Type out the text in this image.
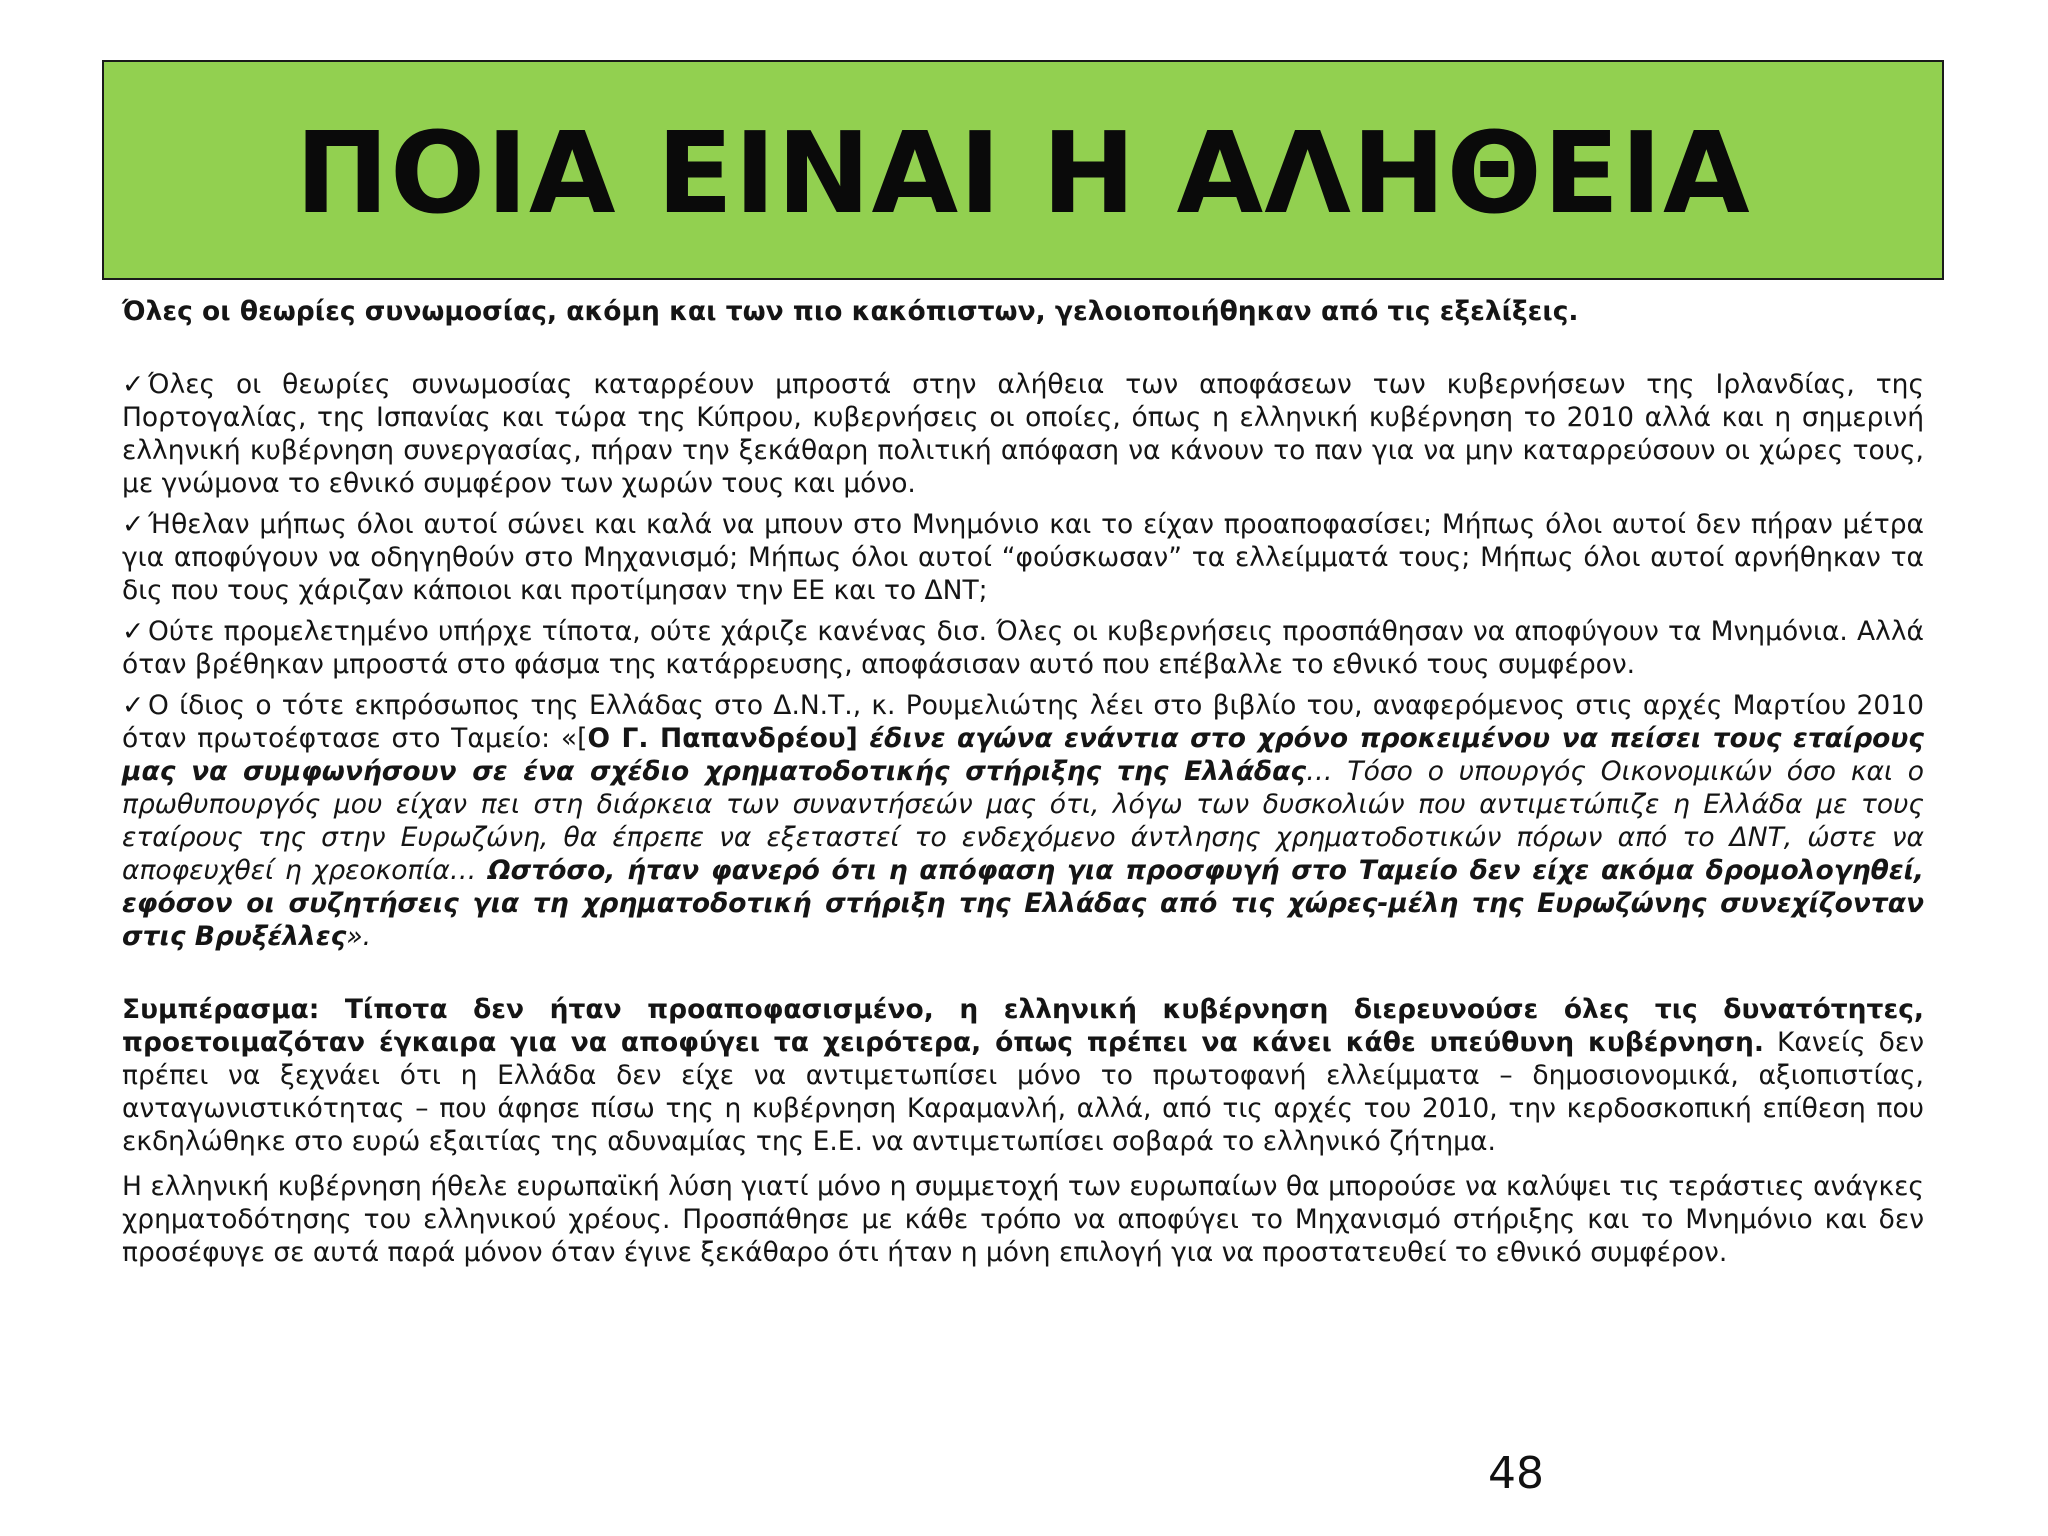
ΠΟΙΑ ΕΙΝΑΙ Η ΑΛΗΘΕΙΑ

Όλες οι θεωρίες συνωμοσίας, ακόμη και των πιο κακόπιστων, γελοιοποιήθηκαν από τις εξελίξεις.

✓ Όλες οι θεωρίες συνωμοσίας καταρρέουν μπροστά στην αλήθεια των αποφάσεων των κυβερνήσεων της Ιρλανδίας, της Πορτογαλίας, της Ισπανίας και τώρα της Κύπρου, κυβερνήσεις οι οποίες, όπως η ελληνική κυβέρνηση το 2010 αλλά και η σημερινή ελληνική κυβέρνηση συνεργασίας, πήραν την ξεκάθαρη πολιτική απόφαση να κάνουν το παν για να μην καταρρεύσουν οι χώρες τους, με γνώμονα το εθνικό συμφέρον των χωρών τους και μόνο.

✓ Ήθελαν μήπως όλοι αυτοί σώνει και καλά να μπουν στο Μνημόνιο και το είχαν προαποφασίσει; Μήπως όλοι αυτοί δεν πήραν μέτρα για αποφύγουν να οδηγηθούν στο Μηχανισμό; Μήπως όλοι αυτοί “φούσκωσαν” τα ελλείμματά τους; Μήπως όλοι αυτοί αρνήθηκαν τα δις που τους χάριζαν κάποιοι και προτίμησαν την ΕΕ και το ΔΝΤ;

✓ Ούτε προμελετημένο υπήρχε τίποτα, ούτε χάριζε κανένας δισ. Όλες οι κυβερνήσεις προσπάθησαν να αποφύγουν τα Μνημόνια. Αλλά όταν βρέθηκαν μπροστά στο φάσμα της κατάρρευσης, αποφάσισαν αυτό που επέβαλλε το εθνικό τους συμφέρον.

✓ Ο ίδιος ο τότε εκπρόσωπος της Ελλάδας στο Δ.Ν.Τ., κ. Ρουμελιώτης λέει στο βιβλίο του, αναφερόμενος στις αρχές Μαρτίου 2010 όταν πρωτοέφτασε στο Ταμείο: «[Ο Γ. Παπανδρέου] έδινε αγώνα ενάντια στο χρόνο προκειμένου να πείσει τους εταίρους μας να συμφωνήσουν σε ένα σχέδιο χρηματοδοτικής στήριξης της Ελλάδας… Τόσο ο υπουργός Οικονομικών όσο και ο πρωθυπουργός μου είχαν πει στη διάρκεια των συναντήσεών μας ότι, λόγω των δυσκολιών που αντιμετώπιζε η Ελλάδα με τους εταίρους της στην Ευρωζώνη, θα έπρεπε να εξεταστεί το ενδεχόμενο άντλησης χρηματοδοτικών πόρων από το ΔΝΤ, ώστε να αποφευχθεί η χρεοκοπία… Ωστόσο, ήταν φανερό ότι η απόφαση για προσφυγή στο Ταμείο δεν είχε ακόμα δρομολογηθεί, εφόσον οι συζητήσεις για τη χρηματοδοτική στήριξη της Ελλάδας από τις χώρες-μέλη της Ευρωζώνης συνεχίζονταν στις Βρυξέλλες».

Συμπέρασμα: Τίποτα δεν ήταν προαποφασισμένο, η ελληνική κυβέρνηση διερευνούσε όλες τις δυνατότητες, προετοιμαζόταν έγκαιρα για να αποφύγει τα χειρότερα, όπως πρέπει να κάνει κάθε υπεύθυνη κυβέρνηση. Κανείς δεν πρέπει να ξεχνάει ότι η Ελλάδα δεν είχε να αντιμετωπίσει μόνο το πρωτοφανή ελλείμματα – δημοσιονομικά, αξιοπιστίας, ανταγωνιστικότητας – που άφησε πίσω της η κυβέρνηση Καραμανλή, αλλά, από τις αρχές του 2010, την κερδοσκοπική επίθεση που εκδηλώθηκε στο ευρώ εξαιτίας της αδυναμίας της Ε.Ε. να αντιμετωπίσει σοβαρά το ελληνικό ζήτημα.

Η ελληνική κυβέρνηση ήθελε ευρωπαϊκή λύση γιατί μόνο η συμμετοχή των ευρωπαίων θα μπορούσε να καλύψει τις τεράστιες ανάγκες χρηματοδότησης του ελληνικού χρέους. Προσπάθησε με κάθε τρόπο να αποφύγει το Μηχανισμό στήριξης και το Μνημόνιο και δεν προσέφυγε σε αυτά παρά μόνον όταν έγινε ξεκάθαρο ότι ήταν η μόνη επιλογή για να προστατευθεί το εθνικό συμφέρον.

48
